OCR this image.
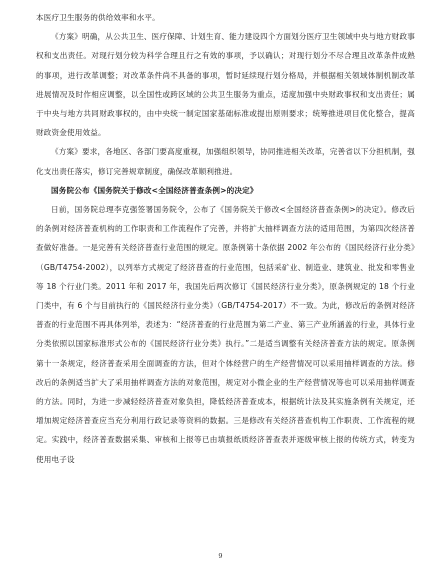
本医疗卫生服务的供给效率和水平。

《方案》明确，从公共卫生、医疗保障、计划生育、能力建设四个方面划分医疗卫生领域中央与地方财政事权和支出责任。对现行划分较为科学合理且行之有效的事项，予以确认；对现行划分不尽合理且改革条件成熟的事项，进行改革调整；对改革条件尚不具备的事项，暂时延续现行划分格局，并根据相关领域体制机制改革进展情况及时作相应调整，以全国性或跨区域的公共卫生服务为重点，适度加强中央财政事权和支出责任；属于中央与地方共同财政事权的，由中央统一制定国家基础标准或提出原则要求；统筹推进项目优化整合，提高财政资金使用效益。

《方案》要求，各地区、各部门要高度重视，加强组织领导，协同推进相关改革，完善省以下分担机制，强化支出责任落实，修订完善规章制度，确保改革顺利推进。

国务院公布《国务院关于修改<全国经济普查条例>的决定》

日前，国务院总理李克强签署国务院令，公布了《国务院关于修改<全国经济普查条例>的决定》。修改后的条例对经济普查机构的工作职责和工作流程作了完善，并将扩大抽样调查方法的适用范围，为第四次经济普查做好准备。一是完善有关经济普查行业范围的规定。原条例第十条依据 2002 年公布的《国民经济行业分类》（GB/T4754-2002），以列举方式规定了经济普查的行业范围，包括采矿业、制造业、建筑业、批发和零售业等 18 个行业门类。2011 年和 2017 年，我国先后两次修订《国民经济行业分类》，原条例规定的 18 个行业门类中，有 6 个与目前执行的《国民经济行业分类》（GB/T4754-2017）不一致。为此，修改后的条例对经济普查的行业范围不再具体列举，表述为：“经济普查的行业范围为第二产业、第三产业所涵盖的行业，具体行业分类依照以国家标准形式公布的《国民经济行业分类》执行。”二是适当调整有关经济普查方法的规定。原条例第十一条规定，经济普查采用全面调查的方法，但对个体经营户的生产经营情况可以采用抽样调查的方法。修改后的条例适当扩大了采用抽样调查方法的对象范围，规定对小微企业的生产经营情况等也可以采用抽样调查的方法。同时，为进一步减轻经济普查对象负担，降低经济普查成本，根据统计法及其实施条例有关规定，还增加规定经济普查应当充分利用行政记录等资料的数据。三是修改有关经济普查机构工作职责、工作流程的规定。实践中，经济普查数据采集、审核和上报等已由填报纸质经济普查表并逐级审核上报的传统方式，转变为使用电子设

9
